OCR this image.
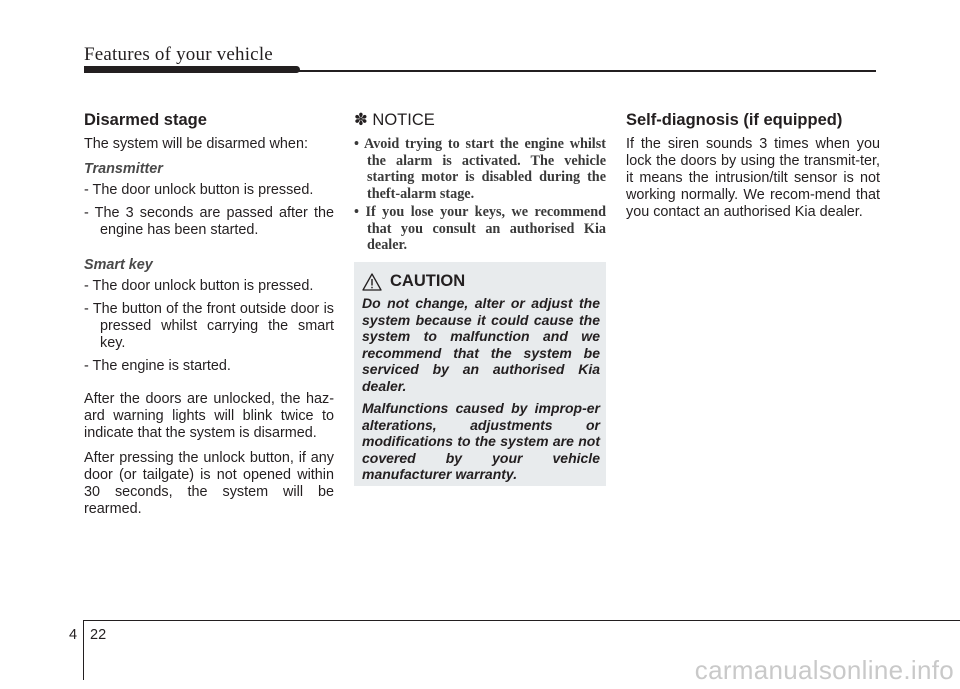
Features of your vehicle
Disarmed stage
The system will be disarmed when:
Transmitter
- The door unlock button is pressed.
- The 3 seconds are passed after the engine has been started.
Smart key
- The door unlock button is pressed.
- The button of the front outside door is pressed whilst carrying the smart key.
- The engine is started.
After the doors are unlocked, the haz-ard warning lights will blink twice to indicate that the system is disarmed.
After pressing the unlock button, if any door (or tailgate) is not opened within 30 seconds, the system will be rearmed.
✽ NOTICE
• Avoid trying to start the engine whilst the alarm is activated. The vehicle starting motor is disabled during the theft-alarm stage.
• If you lose your keys, we recommend that you consult an authorised Kia dealer.
CAUTION
Do not change, alter or adjust the system because it could cause the system to malfunction and we recommend that the system be serviced by an authorised Kia dealer.
Malfunctions caused by improp-er alterations, adjustments or modifications to the system are not covered by your vehicle manufacturer warranty.
Self-diagnosis (if equipped)
If the siren sounds 3 times when you lock the doors by using the transmit-ter, it means the intrusion/tilt sensor is not working normally. We recom-mend that you contact an authorised Kia dealer.
4 22
carmanualsonline.info
